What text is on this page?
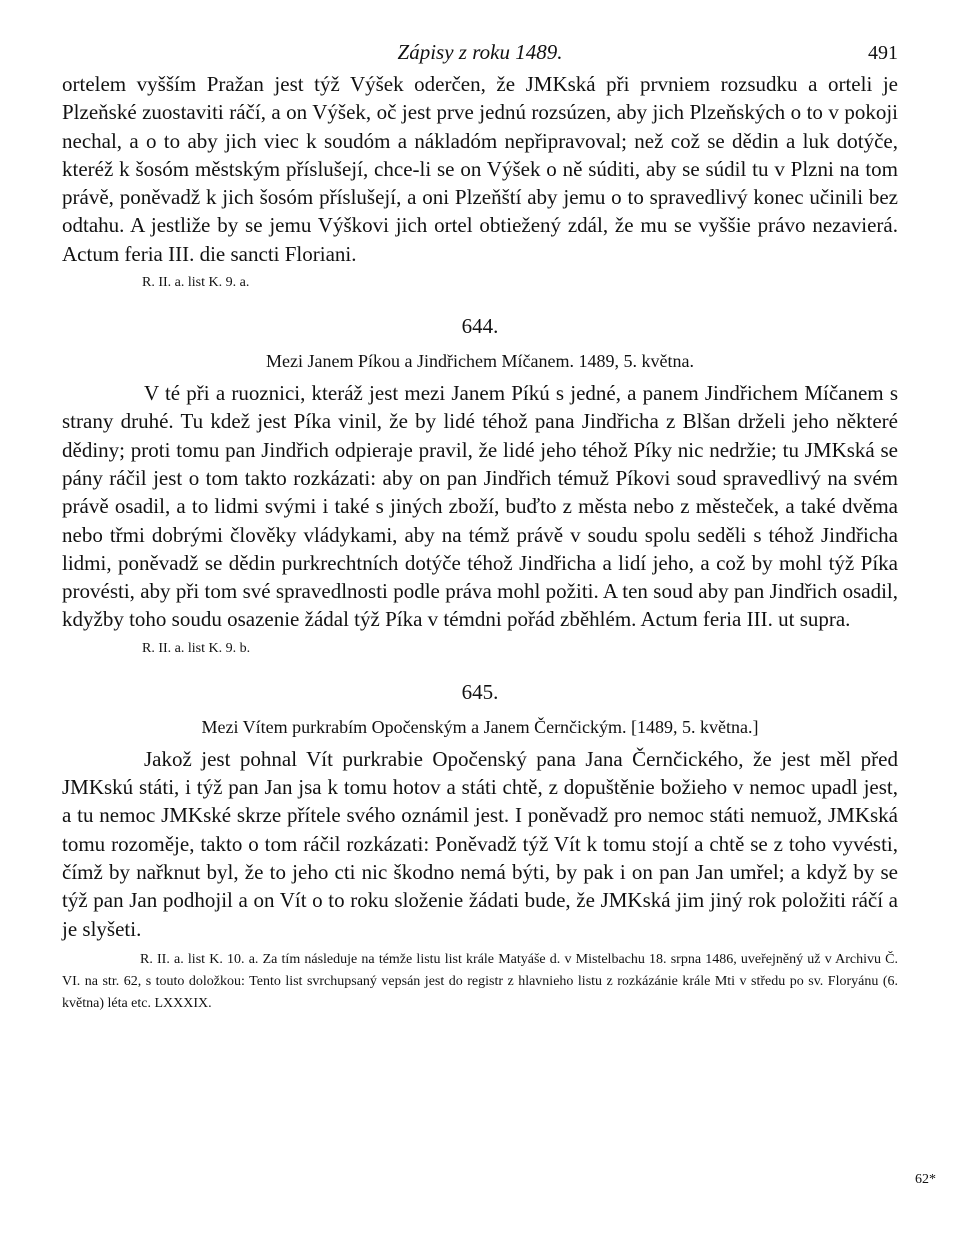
Zápisy z roku 1489.	491

ortelem vyšším Pražan jest týž Výšek oderčen, že JMKská při prvniem rozsudku a orteli je Plzeňské zuostaviti ráčí, a on Výšek, oč jest prve jednú rozsúzen, aby jich Plzeňských o to v pokoji nechal, a o to aby jich viec k soudóm a nákladóm nepřipravoval; než což se dědin a luk dotýče, kteréž k šosóm městským příslušejí, chce-li se on Výšek o ně súditi, aby se súdil tu v Plzni na tom právě, poněvadž k jich šosóm příslušejí, a oni Plzeňští aby jemu o to spravedlivý konec učinili bez odtahu. A jestliže by se jemu Výškovi jich ortel obtiežený zdál, že mu se vyššie právo nezavierá. Actum feria III. die sancti Floriani.

R. II. a. list K. 9. a.
644.
Mezi Janem Píkou a Jindřichem Míčanem. 1489, 5. května.

V té při a ruoznici, kteráž jest mezi Janem Píkú s jedné, a panem Jindřichem Míčanem s strany druhé. Tu kdež jest Píka vinil, že by lidé téhož pana Jindřicha z Blšan drželi jeho některé dědiny; proti tomu pan Jindřich odpieraje pravil, že lidé jeho téhož Píky nic nedržie; tu JMKská se pány ráčil jest o tom takto rozkázati: aby on pan Jindřich témuž Píkovi soud spravedlivý na svém právě osadil, a to lidmi svými i také s jiných zboží, buďto z města nebo z městeček, a také dvěma nebo třmi dobrými člověky vládykami, aby na témž právě v soudu spolu seděli s téhož Jindřicha lidmi, poněvadž se dědin purkrechtních dotýče téhož Jindřicha a lidí jeho, a což by mohl týž Píka provésti, aby při tom své spravedlnosti podle práva mohl požiti. A ten soud aby pan Jindřich osadil, kdyžby toho soudu osazenie žádal týž Píka v témdni pořád zběhlém. Actum feria III. ut supra.

R. II. a. list K. 9. b.
645.
Mezi Vítem purkrabím Opočenským a Janem Černčickým. [1489, 5. května.]

Jakož jest pohnal Vít purkrabie Opočenský pana Jana Černčického, že jest měl před JMKskú státi, i týž pan Jan jsa k tomu hotov a státi chtě, z dopuštěnie božieho v nemoc upadl jest, a tu nemoc JMKské skrze přítele svého oznámil jest. I poněvadž pro nemoc státi nemuož, JMKská tomu rozoměje, takto o tom ráčil rozkázati: Poněvadž týž Vít k tomu stojí a chtě se z toho vyvésti, čímž by nařknut byl, že to jeho cti nic škodno nemá býti, by pak i on pan Jan umřel; a když by se týž pan Jan podhojil a on Vít o to roku složenie žádati bude, že JMKská jim jiný rok položiti ráčí a je slyšeti.

R. II. a. list K. 10. a. Za tím následuje na témže listu list krále Matyáše d. v Mistelbachu 18. srpna 1486, uveřejněný už v Archivu Č. VI. na str. 62, s touto doložkou: Tento list svrchupsaný vepsán jest do registr z hlavnieho listu z rozkázánie krále Mti v středu po sv. Floryánu (6. května) léta etc. LXXXIX.
62*
